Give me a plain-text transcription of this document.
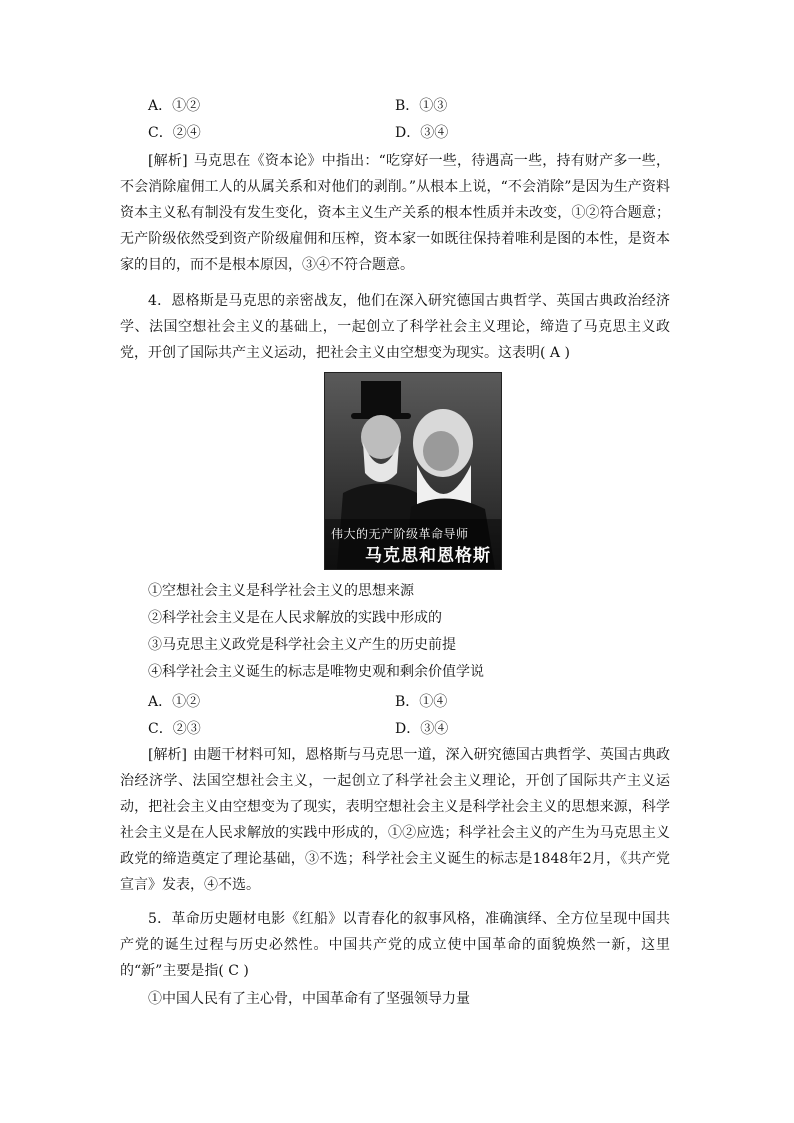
A．①②	B．①③
C．②④	D．③④
[解析] 马克思在《资本论》中指出：“吃穿好一些，待遇高一些，持有财产多一些，不会消除雇佣工人的从属关系和对他们的剥削。”从根本上说，“不会消除”是因为生产资料资本主义私有制没有发生变化，资本主义生产关系的根本性质并未改变，①②符合题意；无产阶级依然受到资产阶级雇佣和压榨，资本家一如既往保持着唯利是图的本性，是资本家的目的，而不是根本原因，③④不符合题意。
4．恩格斯是马克思的亲密战友，他们在深入研究德国古典哲学、英国古典政治经济学、法国空想社会主义的基础上，一起创立了科学社会主义理论，缔造了马克思主义政党，开创了国际共产主义运动，把社会主义由空想变为现实。这表明( A )
伟大的无产阶级革命导师
马克思和恩格斯
①空想社会主义是科学社会主义的思想来源
②科学社会主义是在人民求解放的实践中形成的
③马克思主义政党是科学社会主义产生的历史前提
④科学社会主义诞生的标志是唯物史观和剩余价值学说
A．①②	B．①④
C．②③	D．③④
[解析] 由题干材料可知，恩格斯与马克思一道，深入研究德国古典哲学、英国古典政治经济学、法国空想社会主义，一起创立了科学社会主义理论，开创了国际共产主义运动，把社会主义由空想变为了现实，表明空想社会主义是科学社会主义的思想来源，科学社会主义是在人民求解放的实践中形成的，①②应选；科学社会主义的产生为马克思主义政党的缔造奠定了理论基础，③不选；科学社会主义诞生的标志是1848年2月，《共产党宣言》发表，④不选。
5．革命历史题材电影《红船》以青春化的叙事风格，准确演绎、全方位呈现中国共产党的诞生过程与历史必然性。中国共产党的成立使中国革命的面貌焕然一新，这里的“新”主要是指( C )
①中国人民有了主心骨，中国革命有了坚强领导力量
